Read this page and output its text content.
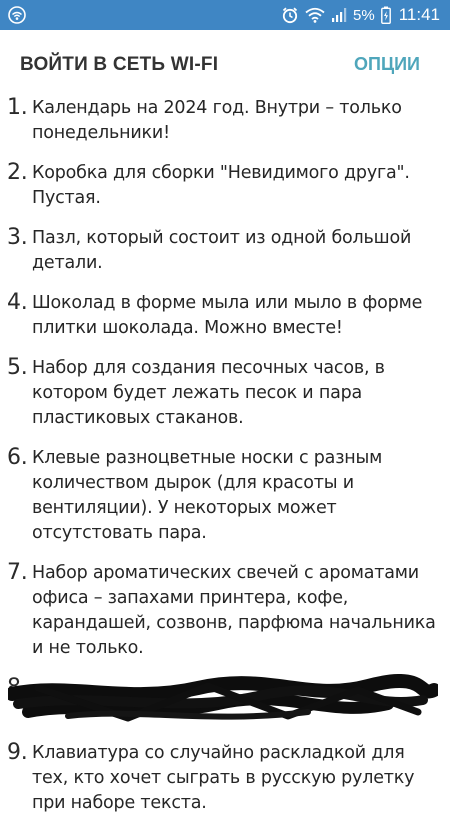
5% 11:41
ВОЙТИ В СЕТЬ WI-FI	ОПЦИИ
1. Календарь на 2024 год. Внутри – только понедельники!
2. Коробка для сборки "Невидимого друга". Пустая.
3. Пазл, который состоит из одной большой детали.
4. Шоколад в форме мыла или мыло в форме плитки шоколада. Можно вместе!
5. Набор для создания песочных часов, в котором будет лежать песок и пара пластиковых стаканов.
6. Клевые разноцветные носки с разным количеством дырок (для красоты и вентиляции). У некоторых может отсутстовать пара.
7. Набор ароматических свечей с ароматами офиса – запахами принтера, кофе, карандашей, созвонв, парфюма начальника и не только.
8.
9. Клавиатура со случайно раскладкой для тех, кто хочет сыграть в русскую рулетку при наборе текста.
